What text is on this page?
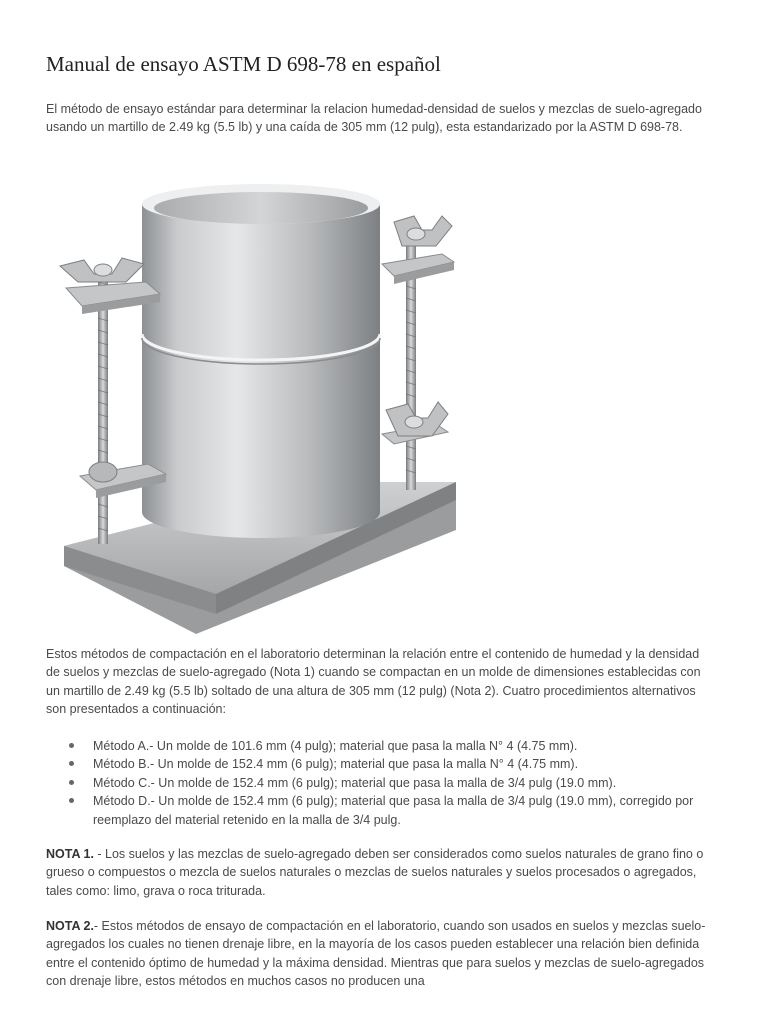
Manual de ensayo ASTM D 698-78 en español

El método de ensayo estándar para determinar la relacion humedad-densidad de suelos y mezclas de suelo-agregado usando un martillo de 2.49 kg (5.5 lb) y una caída de 305 mm (12 pulg), esta estandarizado por la ASTM D 698-78.

Estos métodos de compactación en el laboratorio determinan la relación entre el contenido de humedad y la densidad de suelos y mezclas de suelo-agregado (Nota 1) cuando se compactan en un molde de dimensiones establecidas con un martillo de 2.49 kg (5.5 lb) soltado de una altura de 305 mm (12 pulg) (Nota 2). Cuatro procedimientos alternativos son presentados a continuación:

Método A.- Un molde de 101.6 mm (4 pulg); material que pasa la malla N° 4 (4.75 mm).
Método B.- Un molde de 152.4 mm (6 pulg); material que pasa la malla N° 4 (4.75 mm).
Método C.- Un molde de 152.4 mm (6 pulg); material que pasa la malla de 3/4 pulg (19.0 mm).
Método D.- Un molde de 152.4 mm (6 pulg); material que pasa la malla de 3/4 pulg (19.0 mm), corregido por reemplazo del material retenido en la malla de 3/4 pulg.

NOTA 1. - Los suelos y las mezclas de suelo-agregado deben ser considerados como suelos naturales de grano fino o grueso o compuestos o mezcla de suelos naturales o mezclas de suelos naturales y suelos procesados o agregados, tales como: limo, grava o roca triturada.

NOTA 2.- Estos métodos de ensayo de compactación en el laboratorio, cuando son usados en suelos y mezclas suelo-agregados los cuales no tienen drenaje libre, en la mayoría de los casos pueden establecer una relación bien definida entre el contenido óptimo de humedad y la máxima densidad. Mientras que para suelos y mezclas de suelo-agregados con drenaje libre, estos métodos en muchos casos no producen una
